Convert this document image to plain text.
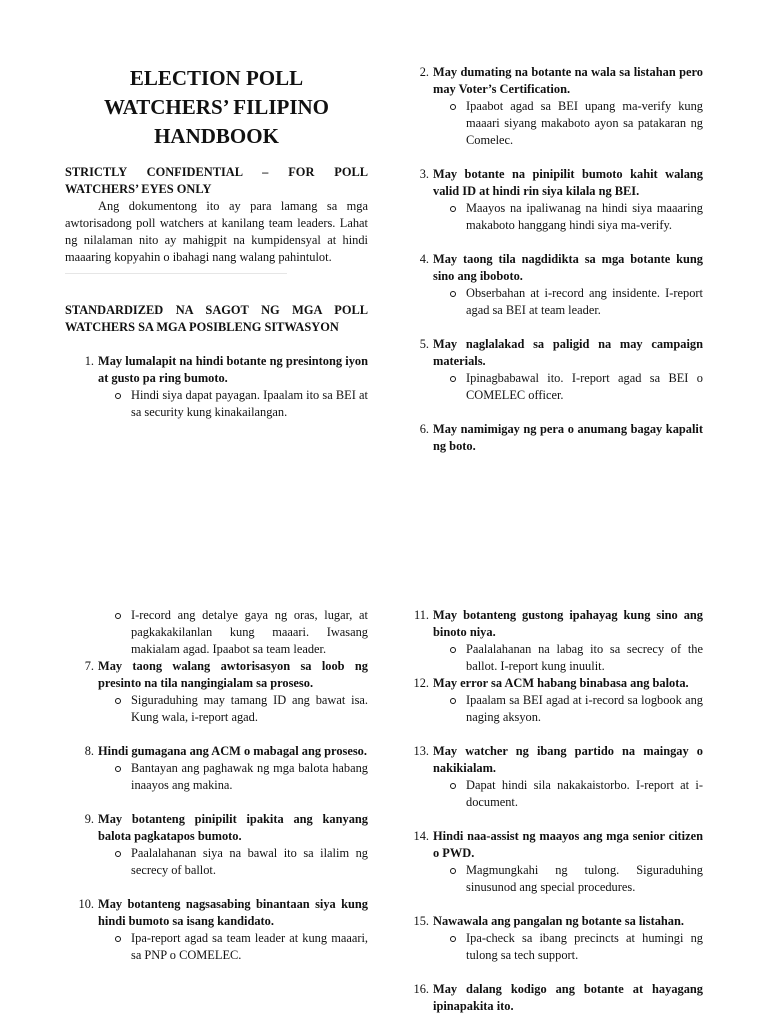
ELECTION POLL
WATCHERS’ FILIPINO
HANDBOOK

STRICTLY CONFIDENTIAL – FOR POLL WATCHERS’ EYES ONLY

Ang dokumentong ito ay para lamang sa mga awtorisadong poll watchers at kanilang team leaders. Lahat ng nilalaman nito ay mahigpit na kumpidensyal at hindi maaaring kopyahin o ibahagi nang walang pahintulot.

STANDARDIZED NA SAGOT NG MGA POLL WATCHERS SA MGA POSIBLENG SITWASYON

1. May lumalapit na hindi botante ng presintong iyon at gusto pa ring bumoto.
Hindi siya dapat payagan. Ipaalam ito sa BEI at sa security kung kinakailangan.
2. May dumating na botante na wala sa listahan pero may Voter’s Certification.
Ipaabot agad sa BEI upang ma-verify kung maaari siyang makaboto ayon sa patakaran ng Comelec.
3. May botante na pinipilit bumoto kahit walang valid ID at hindi rin siya kilala ng BEI.
Maayos na ipaliwanag na hindi siya maaaring makaboto hanggang hindi siya ma-verify.
4. May taong tila nagdidikta sa mga botante kung sino ang iboboto.
Obserbahan at i-record ang insidente. I-report agad sa BEI at team leader.
5. May naglalakad sa paligid na may campaign materials.
Ipinagbabawal ito. I-report agad sa BEI o COMELEC officer.
6. May namimigay ng pera o anumang bagay kapalit ng boto.
I-record ang detalye gaya ng oras, lugar, at pagkakakilanlan kung maaari. Iwasang makialam agad. Ipaabot sa team leader.
7. May taong walang awtorisasyon sa loob ng presinto na tila nangingialam sa proseso.
Siguraduhing may tamang ID ang bawat isa. Kung wala, i-report agad.
8. Hindi gumagana ang ACM o mabagal ang proseso.
Bantayan ang paghawak ng mga balota habang inaayos ang makina.
9. May botanteng pinipilit ipakita ang kanyang balota pagkatapos bumoto.
Paalalahanan siya na bawal ito sa ilalim ng secrecy of ballot.
10. May botanteng nagsasabing binantaan siya kung hindi bumoto sa isang kandidato.
Ipa-report agad sa team leader at kung maaari, sa PNP o COMELEC.
11. May botanteng gustong ipahayag kung sino ang binoto niya.
Paalalahanan na labag ito sa secrecy of the ballot. I-report kung inuulit.
12. May error sa ACM habang binabasa ang balota.
Ipaalam sa BEI agad at i-record sa logbook ang naging aksyon.
13. May watcher ng ibang partido na maingay o nakikialam.
Dapat hindi sila nakakaistorbo. I-report at i-document.
14. Hindi naa-assist ng maayos ang mga senior citizen o PWD.
Magmungkahi ng tulong. Siguraduhing sinusunod ang special procedures.
15. Nawawala ang pangalan ng botante sa listahan.
Ipa-check sa ibang precincts at humingi ng tulong sa tech support.
16. May dalang kodigo ang botante at hayagang ipinapakita ito.
